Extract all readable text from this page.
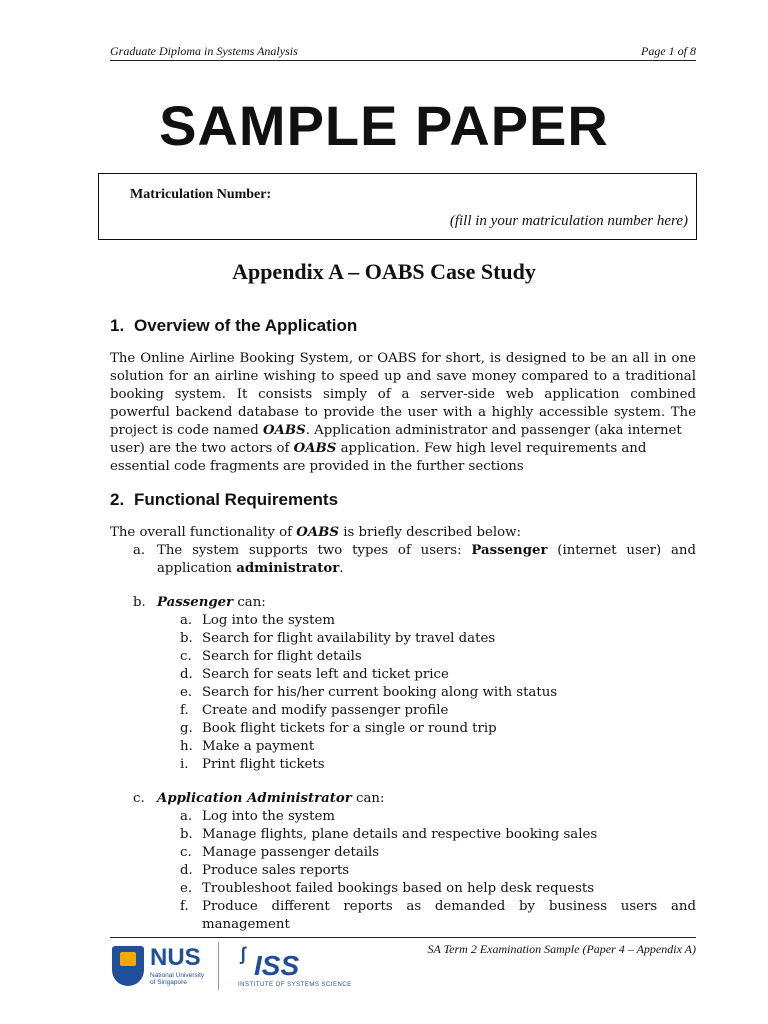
Graduate Diploma in Systems Analysis	Page 1 of 8
SAMPLE PAPER
Matriculation Number:
(fill in your matriculation number here)
Appendix A – OABS Case Study
1. Overview of the Application
The Online Airline Booking System, or OABS for short, is designed to be an all in one
solution for an airline wishing to speed up and save money compared to a traditional
booking system. It consists simply of a server-side web application combined
powerful backend database to provide the user with a highly accessible system. The
project is code named OABS. Application administrator and passenger (aka internet
user) are the two actors of OABS application. Few high level requirements and
essential code fragments are provided in the further sections
2. Functional Requirements
The overall functionality of OABS is briefly described below:
a. The system supports two types of users: Passenger (internet user) and
application administrator.
b. Passenger can:
a. Log into the system
b. Search for flight availability by travel dates
c. Search for flight details
d. Search for seats left and ticket price
e. Search for his/her current booking along with status
f. Create and modify passenger profile
g. Book flight tickets for a single or round trip
h. Make a payment
i. Print flight tickets
c. Application Administrator can:
a. Log into the system
b. Manage flights, plane details and respective booking sales
c. Manage passenger details
d. Produce sales reports
e. Troubleshoot failed bookings based on help desk requests
f. Produce different reports as demanded by business users and
management
NUS
National University
of Singapore
ʃ ISS
INSTITUTE OF SYSTEMS SCIENCE
SA Term 2 Examination Sample (Paper 4 – Appendix A)
